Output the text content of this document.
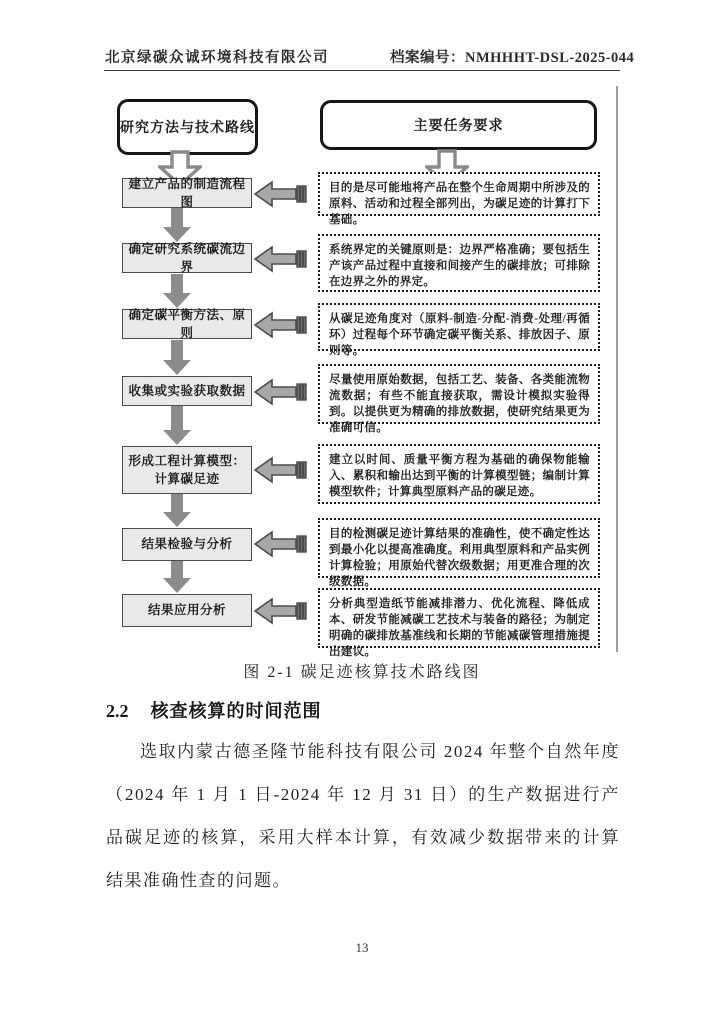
北京绿碳众诚环境科技有限公司	档案编号：NMHHHT-DSL-2025-044
研究方法与技术路线	主要任务要求
建立产品的制造流程图
确定研究系统碳流边界
确定碳平衡方法、原则
收集或实验获取数据
形成工程计算模型：
计算碳足迹
结果检验与分析
结果应用分析
目的是尽可能地将产品在整个生命周期中所涉及的原料、活动和过程全部列出，为碳足迹的计算打下基础。
系统界定的关键原则是：边界严格准确；要包括生产该产品过程中直接和间接产生的碳排放；可排除在边界之外的界定。
从碳足迹角度对（原料-制造-分配-消费-处理/再循环）过程每个环节确定碳平衡关系、排放因子、原则等。
尽量使用原始数据，包括工艺、装备、各类能流物流数据；有些不能直接获取，需设计模拟实验得到。以提供更为精确的排放数据，使研究结果更为准确可信。
建立以时间、质量平衡方程为基础的确保物能输入、累积和输出达到平衡的计算模型链；编制计算模型软件；计算典型原料产品的碳足迹。
目的检测碳足迹计算结果的准确性，使不确定性达到最小化以提高准确度。利用典型原料和产品实例计算检验；用原始代替次级数据；用更准合理的次级数据。
分析典型造纸节能减排潜力、优化流程、降低成本、研发节能减碳工艺技术与装备的路径；为制定明确的碳排放基准线和长期的节能减碳管理措施提出建议。
图 2-1 碳足迹核算技术路线图
2.2 核查核算的时间范围
选取内蒙古德圣隆节能科技有限公司 2024 年整个自然年度（2024 年 1 月 1 日-2024 年 12 月 31 日）的生产数据进行产品碳足迹的核算，采用大样本计算，有效减少数据带来的计算结果准确性查的问题。
13
